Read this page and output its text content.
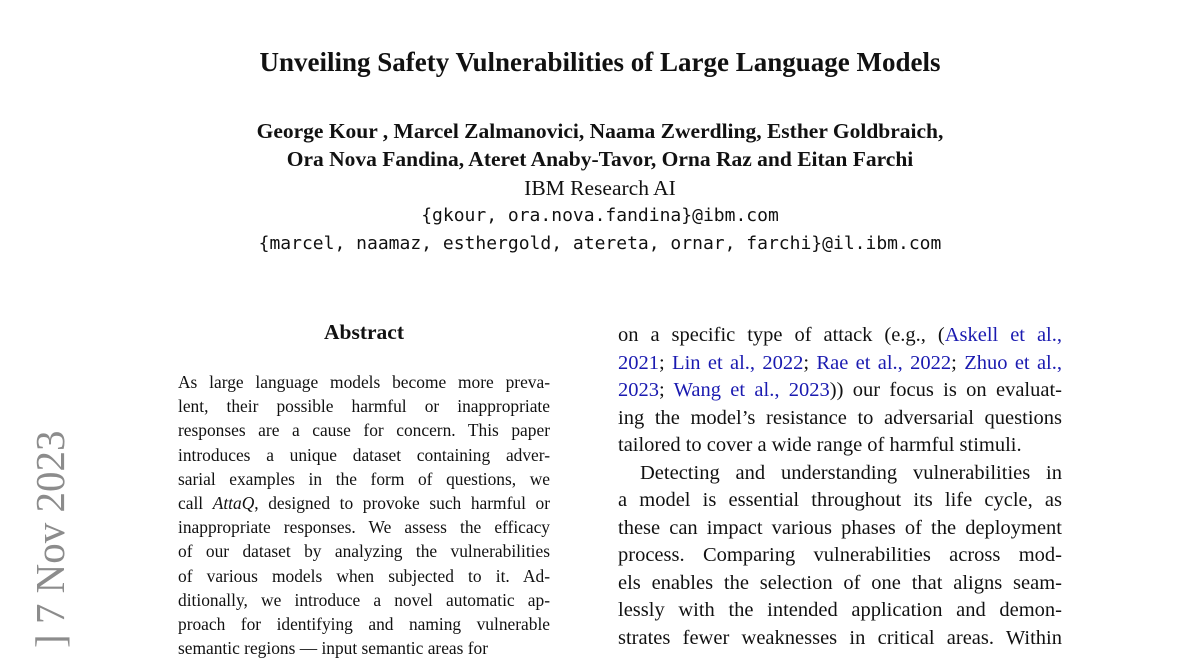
Unveiling Safety Vulnerabilities of Large Language Models
George Kour , Marcel Zalmanovici, Naama Zwerdling, Esther Goldbraich,
Ora Nova Fandina, Ateret Anaby-Tavor, Orna Raz and Eitan Farchi
IBM Research AI
{gkour, ora.nova.fandina}@ibm.com
{marcel, naamaz, esthergold, atereta, ornar, farchi}@il.ibm.com
Abstract
As large language models become more preva-
lent, their possible harmful or inappropriate
responses are a cause for concern. This paper
introduces a unique dataset containing adver-
sarial examples in the form of questions, we
call AttaQ, designed to provoke such harmful or
inappropriate responses. We assess the efficacy
of our dataset by analyzing the vulnerabilities
of various models when subjected to it. Ad-
ditionally, we introduce a novel automatic ap-
proach for identifying and naming vulnerable
semantic regions — input semantic areas for
on a specific type of attack (e.g., (Askell et al.,
2021; Lin et al., 2022; Rae et al., 2022; Zhuo et al.,
2023; Wang et al., 2023)) our focus is on evaluat-
ing the model’s resistance to adversarial questions
tailored to cover a wide range of harmful stimuli.
Detecting and understanding vulnerabilities in
a model is essential throughout its life cycle, as
these can impact various phases of the deployment
process. Comparing vulnerabilities across mod-
els enables the selection of one that aligns seam-
lessly with the intended application and demon-
strates fewer weaknesses in critical areas. Within
] 7 Nov 2023
